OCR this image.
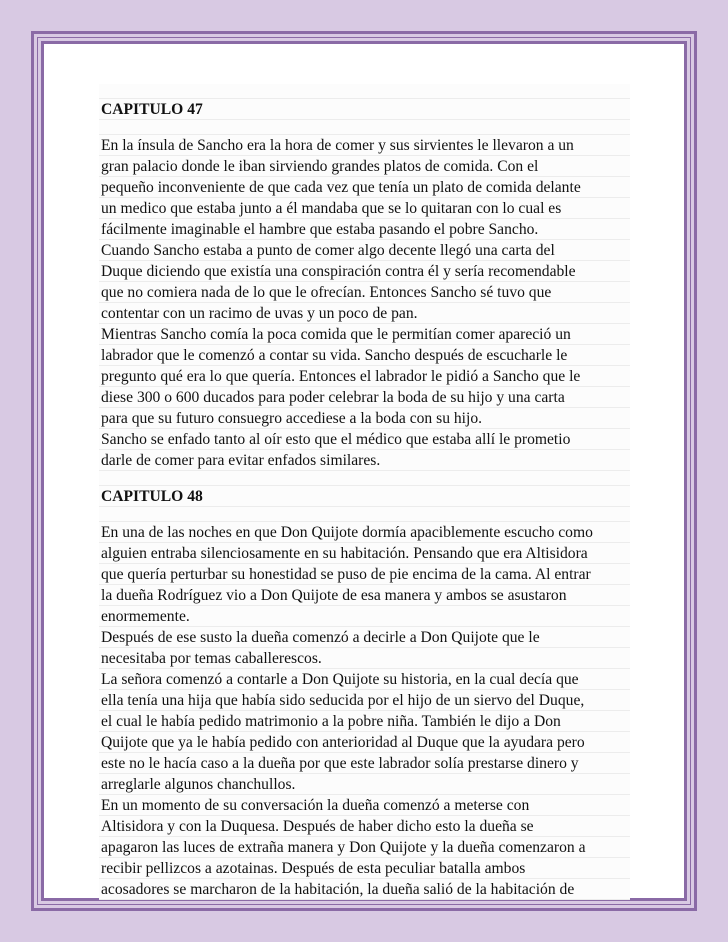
CAPITULO 47
En la ínsula de Sancho era la hora de comer y sus sirvientes le llevaron a un
gran palacio donde le iban sirviendo grandes platos de comida. Con el
pequeño inconveniente de que cada vez que tenía un plato de comida delante
un medico que estaba junto a él mandaba que se lo quitaran con lo cual es
fácilmente imaginable el hambre que estaba pasando el pobre Sancho.
Cuando Sancho estaba a punto de comer algo decente llegó una carta del
Duque diciendo que existía una conspiración contra él y sería recomendable
que no comiera nada de lo que le ofrecían. Entonces Sancho sé tuvo que
contentar con un racimo de uvas y un poco de pan.
Mientras Sancho comía la poca comida que le permitían comer apareció un
labrador que le comenzó a contar su vida. Sancho después de escucharle le
pregunto qué era lo que quería. Entonces el labrador le pidió a Sancho que le
diese 300 o 600 ducados para poder celebrar la boda de su hijo y una carta
para que su futuro consuegro accediese a la boda con su hijo.
Sancho se enfado tanto al oír esto que el médico que estaba allí le prometio
darle de comer para evitar enfados similares.
CAPITULO 48
En una de las noches en que Don Quijote dormía apaciblemente escucho como
alguien entraba silenciosamente en su habitación. Pensando que era Altisidora
que quería perturbar su honestidad se puso de pie encima de la cama. Al entrar
la dueña Rodríguez vio a Don Quijote de esa manera y ambos se asustaron
enormemente.
Después de ese susto la dueña comenzó a decirle a Don Quijote que le
necesitaba por temas caballerescos.
La señora comenzó a contarle a Don Quijote su historia, en la cual decía que
ella tenía una hija que había sido seducida por el hijo de un siervo del Duque,
el cual le había pedido matrimonio a la pobre niña. También le dijo a Don
Quijote que ya le había pedido con anterioridad al Duque que la ayudara pero
este no le hacía caso a la dueña por que este labrador solía prestarse dinero y
arreglarle algunos chanchullos.
En un momento de su conversación la dueña comenzó a meterse con
Altisidora y con la Duquesa. Después de haber dicho esto la dueña se
apagaron las luces de extraña manera y Don Quijote y la dueña comenzaron a
recibir pellizcos a azotainas. Después de esta peculiar batalla ambos
acosadores se marcharon de la habitación, la dueña salió de la habitación de
